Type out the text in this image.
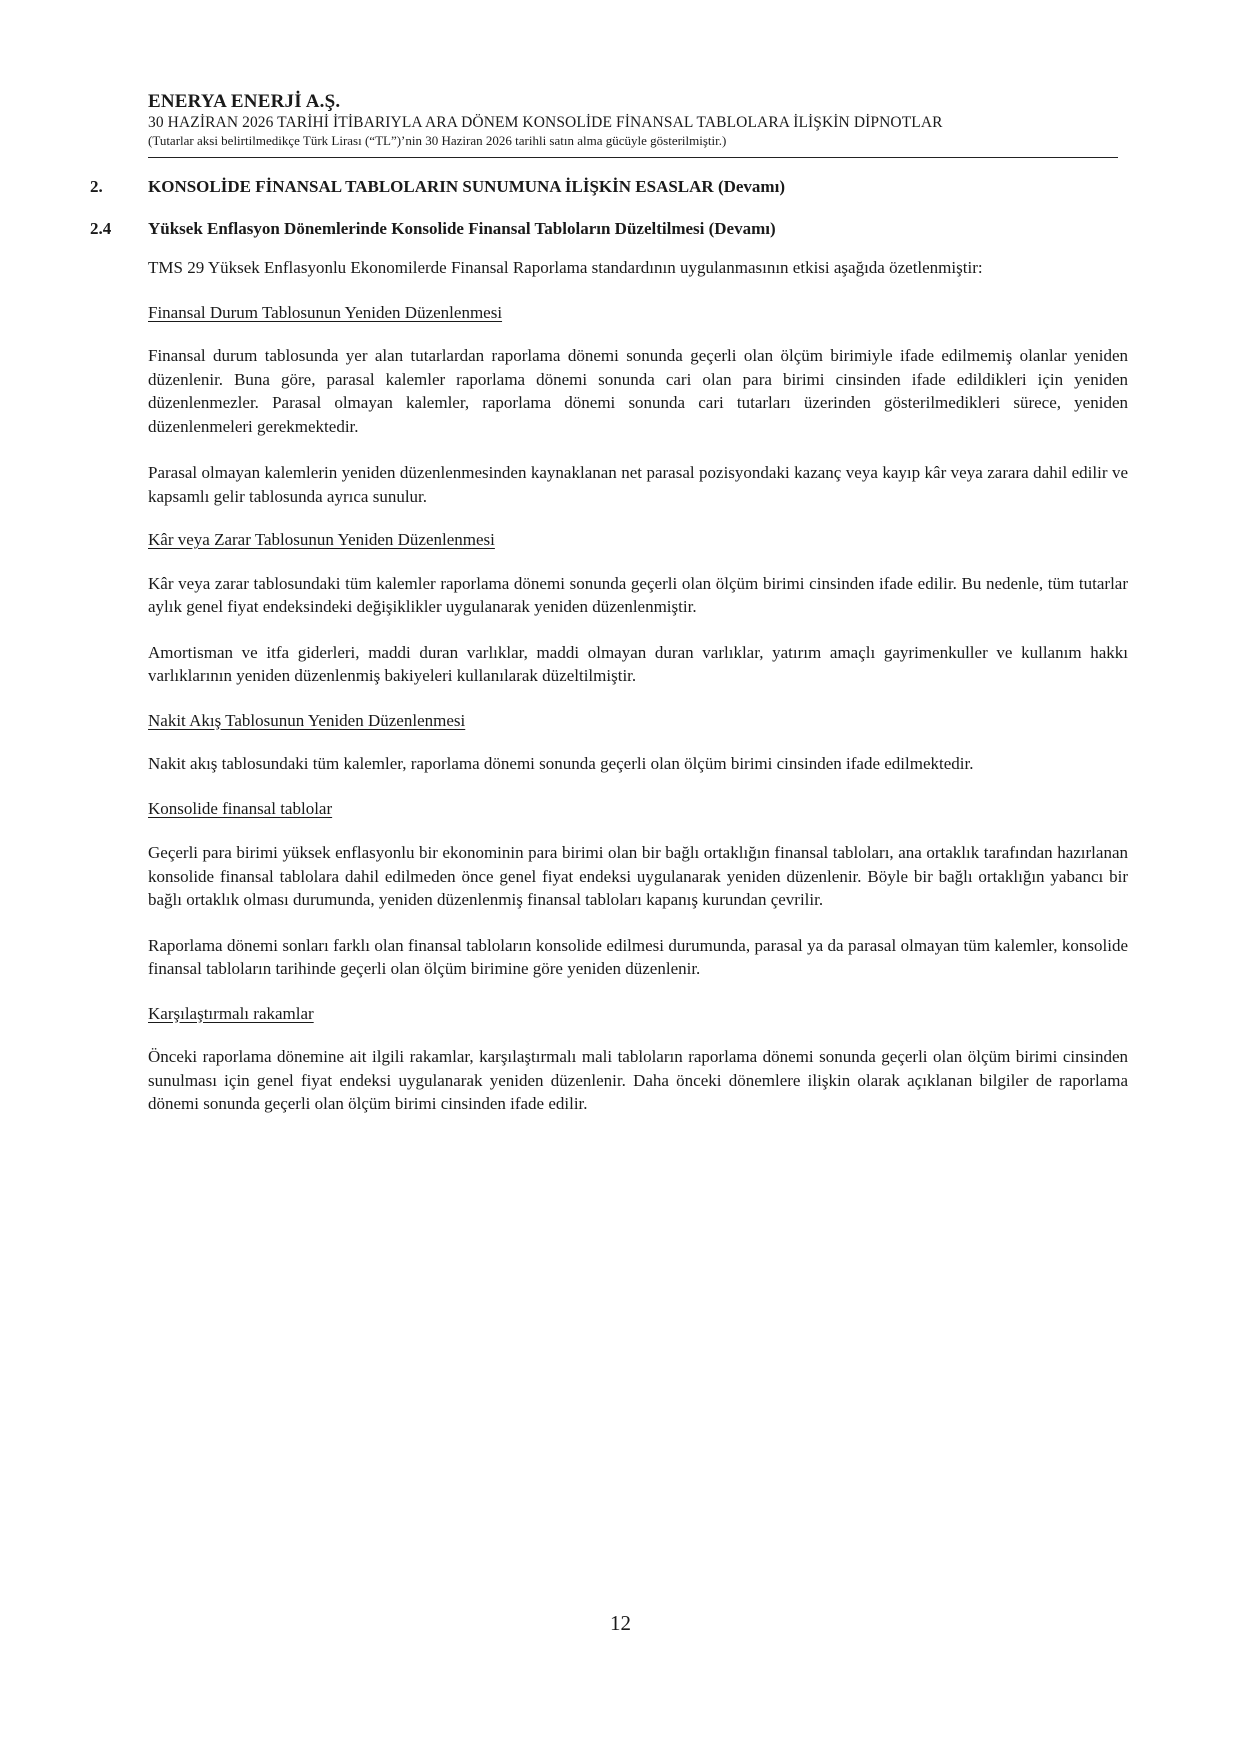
ENERYA ENERJİ A.Ş.
30 HAZİRAN 2026 TARİHİ İTİBARIYLA ARA DÖNEM KONSOLİDE FİNANSAL TABLOLARA İLİŞKİN DİPNOTLAR
(Tutarlar aksi belirtilmedikçe Türk Lirası (“TL”)’nin 30 Haziran 2026 tarihli satın alma gücüyle gösterilmiştir.)
2.	KONSOLİDE FİNANSAL TABLOLARIN SUNUMUNA İLİŞKİN ESASLAR (Devamı)
2.4	Yüksek Enflasyon Dönemlerinde Konsolide Finansal Tabloların Düzeltilmesi (Devamı)

TMS 29 Yüksek Enflasyonlu Ekonomilerde Finansal Raporlama standardının uygulanmasının etkisi aşağıda özetlenmiştir:

Finansal Durum Tablosunun Yeniden Düzenlenmesi

Finansal durum tablosunda yer alan tutarlardan raporlama dönemi sonunda geçerli olan ölçüm birimiyle ifade edilmemiş olanlar yeniden düzenlenir. Buna göre, parasal kalemler raporlama dönemi sonunda cari olan para birimi cinsinden ifade edildikleri için yeniden düzenlenmezler. Parasal olmayan kalemler, raporlama dönemi sonunda cari tutarları üzerinden gösterilmedikleri sürece, yeniden düzenlenmeleri gerekmektedir.

Parasal olmayan kalemlerin yeniden düzenlenmesinden kaynaklanan net parasal pozisyondaki kazanç veya kayıp kâr veya zarara dahil edilir ve kapsamlı gelir tablosunda ayrıca sunulur.

Kâr veya Zarar Tablosunun Yeniden Düzenlenmesi

Kâr veya zarar tablosundaki tüm kalemler raporlama dönemi sonunda geçerli olan ölçüm birimi cinsinden ifade edilir. Bu nedenle, tüm tutarlar aylık genel fiyat endeksindeki değişiklikler uygulanarak yeniden düzenlenmiştir.

Amortisman ve itfa giderleri, maddi duran varlıklar, maddi olmayan duran varlıklar, yatırım amaçlı gayrimenkuller ve kullanım hakkı varlıklarının yeniden düzenlenmiş bakiyeleri kullanılarak düzeltilmiştir.

Nakit Akış Tablosunun Yeniden Düzenlenmesi

Nakit akış tablosundaki tüm kalemler, raporlama dönemi sonunda geçerli olan ölçüm birimi cinsinden ifade edilmektedir.

Konsolide finansal tablolar

Geçerli para birimi yüksek enflasyonlu bir ekonominin para birimi olan bir bağlı ortaklığın finansal tabloları, ana ortaklık tarafından hazırlanan konsolide finansal tablolara dahil edilmeden önce genel fiyat endeksi uygulanarak yeniden düzenlenir. Böyle bir bağlı ortaklığın yabancı bir bağlı ortaklık olması durumunda, yeniden düzenlenmiş finansal tabloları kapanış kurundan çevrilir.

Raporlama dönemi sonları farklı olan finansal tabloların konsolide edilmesi durumunda, parasal ya da parasal olmayan tüm kalemler, konsolide finansal tabloların tarihinde geçerli olan ölçüm birimine göre yeniden düzenlenir.

Karşılaştırmalı rakamlar

Önceki raporlama dönemine ait ilgili rakamlar, karşılaştırmalı mali tabloların raporlama dönemi sonunda geçerli olan ölçüm birimi cinsinden sunulması için genel fiyat endeksi uygulanarak yeniden düzenlenir. Daha önceki dönemlere ilişkin olarak açıklanan bilgiler de raporlama dönemi sonunda geçerli olan ölçüm birimi cinsinden ifade edilir.

12
